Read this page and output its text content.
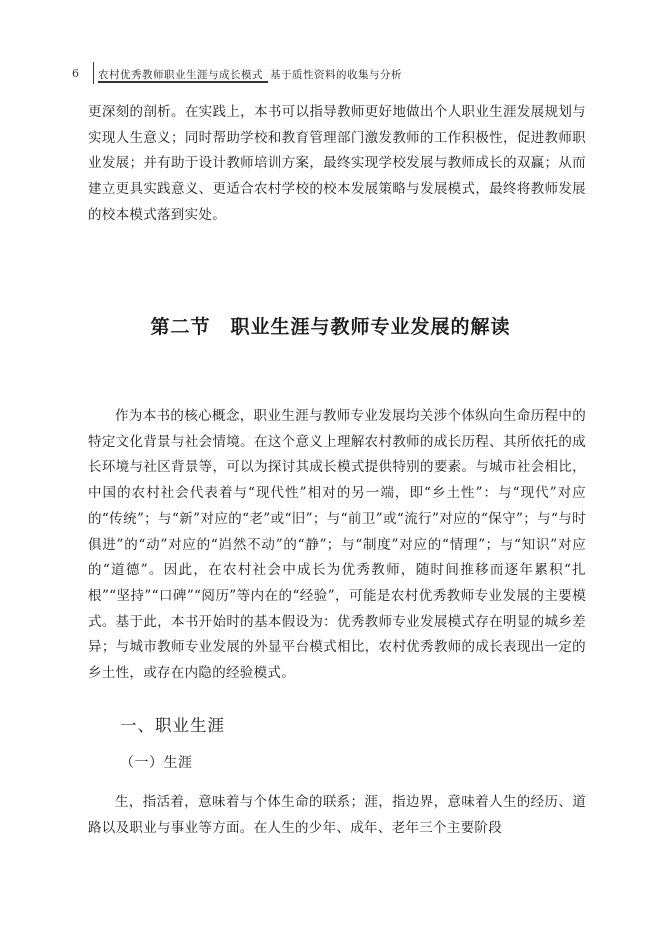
6 农村优秀教师职业生涯与成长模式 基于质性资料的收集与分析

更深刻的剖析。在实践上，本书可以指导教师更好地做出个人职业生涯发展规划与实现人生意义；同时帮助学校和教育管理部门激发教师的工作积极性，促进教师职业发展；并有助于设计教师培训方案，最终实现学校发展与教师成长的双赢；从而建立更具实践意义、更适合农村学校的校本发展策略与发展模式，最终将教师发展的校本模式落到实处。

第二节　职业生涯与教师专业发展的解读

作为本书的核心概念，职业生涯与教师专业发展均关涉个体纵向生命历程中的特定文化背景与社会情境。在这个意义上理解农村教师的成长历程、其所依托的成长环境与社区背景等，可以为探讨其成长模式提供特别的要素。与城市社会相比，中国的农村社会代表着与“现代性”相对的另一端，即“乡土性”：与“现代”对应的“传统”；与“新”对应的“老”或“旧”；与“前卫”或“流行”对应的“保守”；与“与时俱进”的“动”对应的“岿然不动”的“静”；与“制度”对应的“情理”；与“知识”对应的“道德”。因此，在农村社会中成长为优秀教师，随时间推移而逐年累积“扎根”“坚持”“口碑”“阅历”等内在的“经验”，可能是农村优秀教师专业发展的主要模式。基于此，本书开始时的基本假设为：优秀教师专业发展模式存在明显的城乡差异；与城市教师专业发展的外显平台模式相比，农村优秀教师的成长表现出一定的乡土性，或存在内隐的经验模式。

一、职业生涯
（一）生涯

生，指活着，意味着与个体生命的联系；涯，指边界，意味着人生的经历、道路以及职业与事业等方面。在人生的少年、成年、老年三个主要阶段
